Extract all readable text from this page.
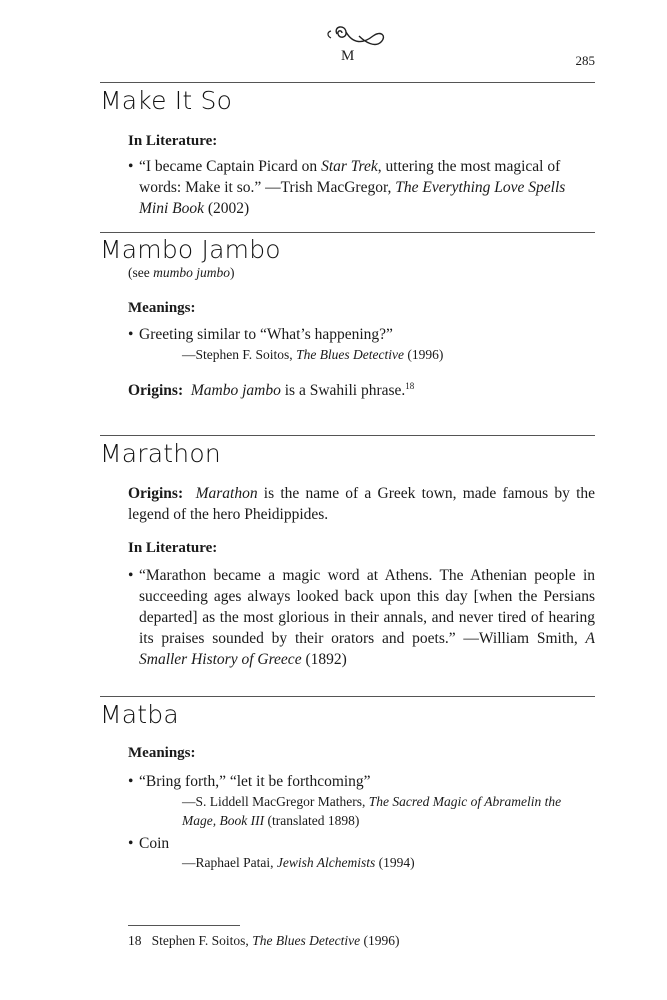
M	285
Make It So
In Literature:
• “I became Captain Picard on Star Trek, uttering the most magical of words: Make it so.” —Trish MacGregor, The Everything Love Spells Mini Book (2002)
Mambo Jambo
(see mumbo jumbo)
Meanings:
• Greeting similar to “What’s happening?”
—Stephen F. Soitos, The Blues Detective (1996)
Origins: Mambo jambo is a Swahili phrase.$^{18}$
Marathon
Origins: Marathon is the name of a Greek town, made famous by the legend of the hero Pheidippides.
In Literature:
• “Marathon became a magic word at Athens. The Athenian people in succeeding ages always looked back upon this day [when the Persians departed] as the most glorious in their annals, and never tired of hearing its praises sounded by their orators and poets.” —William Smith, A Smaller History of Greece (1892)
Matba
Meanings:
• “Bring forth,” “let it be forthcoming”
—S. Liddell MacGregor Mathers, The Sacred Magic of Abramelin the Mage, Book III (translated 1898)
• Coin
—Raphael Patai, Jewish Alchemists (1994)
18 Stephen F. Soitos, The Blues Detective (1996)
